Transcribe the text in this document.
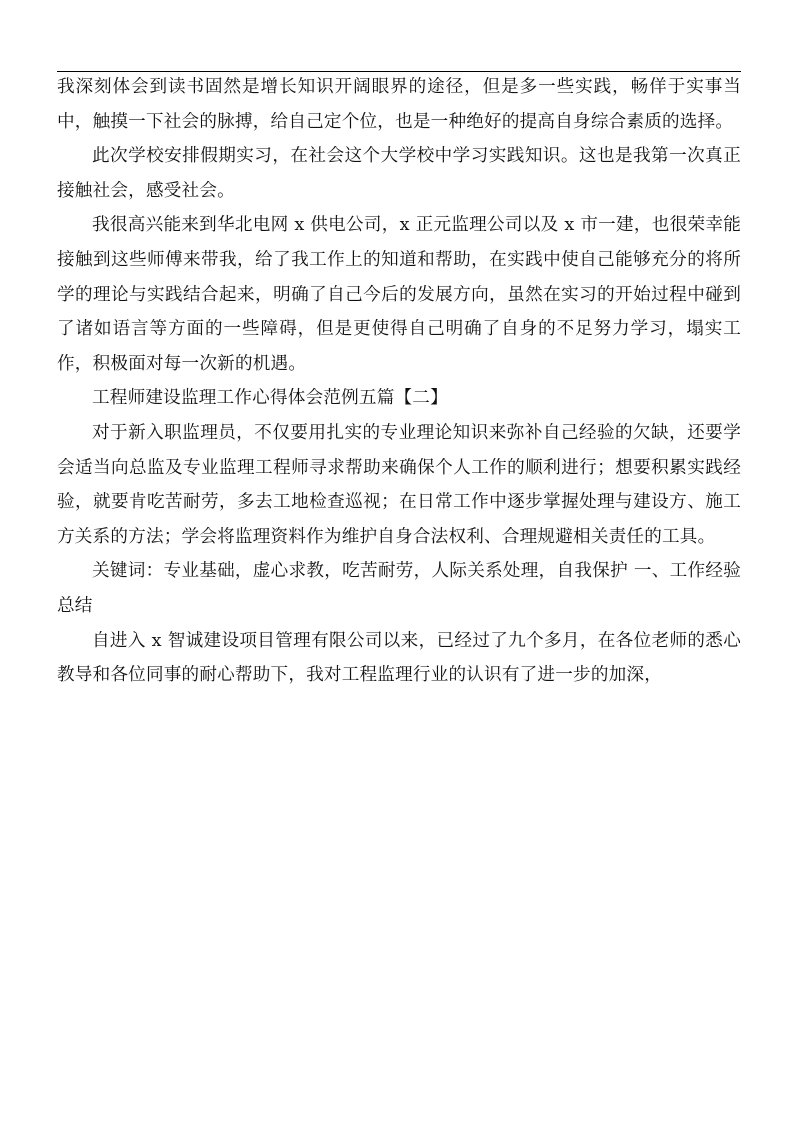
我深刻体会到读书固然是增长知识开阔眼界的途径，但是多一些实践，畅佯于实事当中，触摸一下社会的脉搏，给自己定个位，也是一种绝好的提高自身综合素质的选择。

此次学校安排假期实习，在社会这个大学校中学习实践知识。这也是我第一次真正接触社会，感受社会。

我很高兴能来到华北电网 x 供电公司，x 正元监理公司以及 x 市一建，也很荣幸能接触到这些师傅来带我，给了我工作上的知道和帮助，在实践中使自己能够充分的将所学的理论与实践结合起来，明确了自己今后的发展方向，虽然在实习的开始过程中碰到了诸如语言等方面的一些障碍，但是更使得自己明确了自身的不足努力学习，塌实工作，积极面对每一次新的机遇。

工程师建设监理工作心得体会范例五篇【二】

对于新入职监理员，不仅要用扎实的专业理论知识来弥补自己经验的欠缺，还要学会适当向总监及专业监理工程师寻求帮助来确保个人工作的顺利进行；想要积累实践经验，就要肯吃苦耐劳，多去工地检查巡视；在日常工作中逐步掌握处理与建设方、施工方关系的方法；学会将监理资料作为维护自身合法权利、合理规避相关责任的工具。

关键词：专业基础，虚心求教，吃苦耐劳，人际关系处理，自我保护 一、工作经验总结

自进入 x 智诚建设项目管理有限公司以来，已经过了九个多月，在各位老师的悉心教导和各位同事的耐心帮助下，我对工程监理行业的认识有了进一步的加深，
